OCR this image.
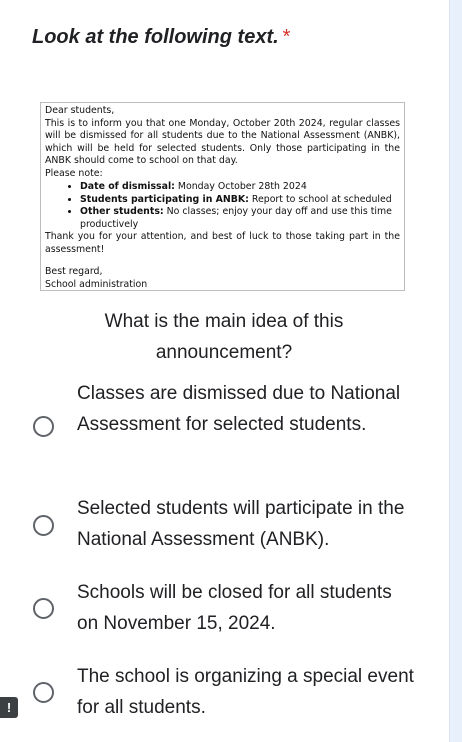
Look at the following text. *

Dear students,

This is to inform you that one Monday, October 20th 2024, regular classes will be dismissed for all students due to the National Assessment (ANBK), which will be held for selected students. Only those participating in the ANBK should come to school on that day.

Please note:

• Date of dismissal: Monday October 28th 2024
• Students participating in ANBK: Report to school at scheduled
• Other students: No classes; enjoy your day off and use this time productively

Thank you for your attention, and best of luck to those taking part in the assessment!

Best regard,

School administration

What is the main idea of this announcement?

Classes are dismissed due to National Assessment for selected students.
Selected students will participate in the National Assessment (ANBK).
Schools will be closed for all students on November 15, 2024.
The school is organizing a special event for all students.
!
